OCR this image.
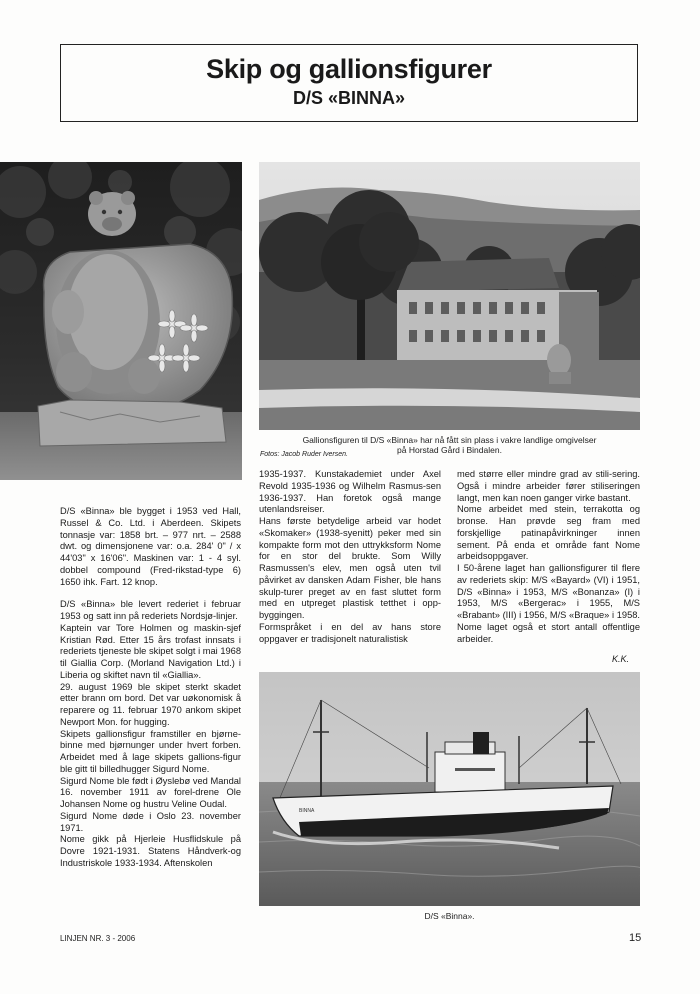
Skip og gallionsfigurer
D/S «BINNA»
Gallionsfiguren til D/S «Binna» har nå fått sin plass i vakre landlige omgivelser
på Horstad Gård i Bindalen.
Fotos: Jacob Ruder Iversen.

D/S «Binna» ble bygget i 1953 ved Hall, Russel & Co. Ltd. i Aberdeen. Skipets tonnasje var: 1858 brt. – 977 nrt. – 2588 dwt. og dimensjonene var: o.a. 284' 0" / x 44'03" x 16'06". Maskinen var: 1 - 4 syl. dobbel compound (Fred-rikstad-type 6) 1650 ihk. Fart. 12 knop.

D/S «Binna» ble levert rederiet i februar 1953 og satt inn på rederiets Nordsjø-linjer.

Kaptein var Tore Holmen og maskin-sjef Kristian Rød. Etter 15 års trofast innsats i rederiets tjeneste ble skipet solgt i mai 1968 til Giallia Corp. (Morland Navigation Ltd.) i Liberia og skiftet navn til «Giallia».

29. august 1969 ble skipet sterkt skadet etter brann om bord. Det var uøkonomisk å reparere og 11. februar 1970 ankom skipet Newport Mon. for hugging.

Skipets gallionsfigur framstiller en bjørne-binne med bjørnunger under hvert forben. Arbeidet med å lage skipets gallions-figur ble gitt til billedhugger Sigurd Nome.

Sigurd Nome ble født i Øyslebø ved Mandal 16. november 1911 av forel-drene Ole Johansen Nome og hustru Veline Oudal.

Sigurd Nome døde i Oslo 23. november 1971.

Nome gikk på Hjerleie Husflidskule på Dovre 1921-1931. Statens Håndverk-og Industriskole 1933-1934. Aftenskolen

1935-1937. Kunstakademiet under Axel Revold 1935-1936 og Wilhelm Rasmus-sen 1936-1937. Han foretok også mange utenlandsreiser.

Hans første betydelige arbeid var hodet «Skomaker» (1938-syenitt) peker med sin kompakte form mot den uttrykksform Nome for en stor del brukte. Som Willy Rasmussen's elev, men også uten tvil påvirket av dansken Adam Fisher, ble hans skulp-turer preget av en fast sluttet form med en utpreget plastisk tetthet i opp-byggingen.

Formspråket i en del av hans store oppgaver er tradisjonelt naturalistisk

med større eller mindre grad av stili-sering. Også i mindre arbeider fører stiliseringen langt, men kan noen ganger virke bastant.

Nome arbeidet med stein, terrakotta og bronse. Han prøvde seg fram med forskjellige patinapåvirkninger innen sement. På enda et område fant Nome arbeidsoppgaver.

I 50-årene laget han gallionsfigurer til flere av rederiets skip: M/S «Bayard» (VI) i 1951, D/S «Binna» i 1953, M/S «Bonanza» (I) i 1953, M/S «Bergerac» i 1955, M/S «Brabant» (III) i 1956, M/S «Braque» i 1958. Nome laget også et stort antall offentlige arbeider.

K.K.
BINNA
D/S «Binna».
LINJEN NR. 3 - 2006	15
